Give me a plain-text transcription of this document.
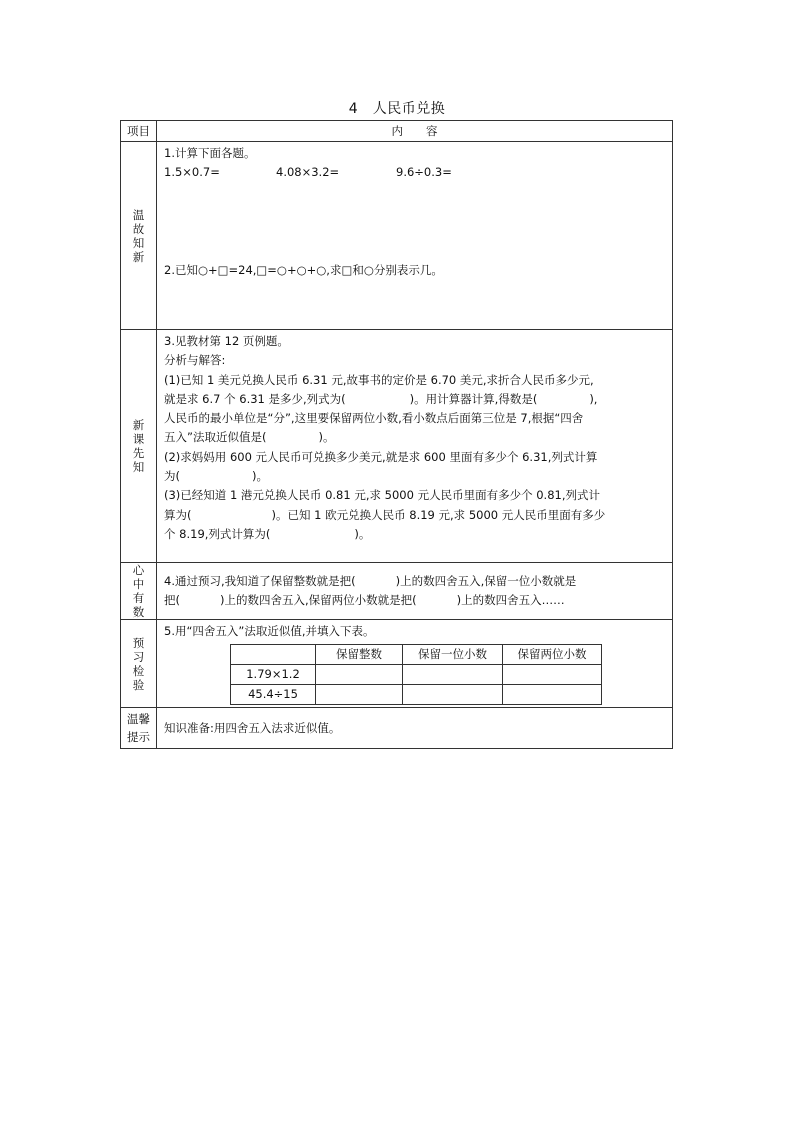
4　人民币兑换
项目	内　　容
温故知新	
1.计算下面各题。
1.5×0.7=	4.08×3.2=	9.6÷0.3=
2.已知○+□=24,□=○+○+○,求□和○分别表示几。

新课先知	
3.见教材第 12 页例题。
分析与解答:
(1)已知 1 美元兑换人民币 6.31 元,故事书的定价是 6.70 美元,求折合人民币多少元,
就是求 6.7 个 6.31 是多少,列式为(	)。用计算器计算,得数是(	),
人民币的最小单位是“分”,这里要保留两位小数,看小数点后面第三位是 7,根据“四舍
五入”法取近似值是(	)。
(2)求妈妈用 600 元人民币可兑换多少美元,就是求 600 里面有多少个 6.31,列式计算
为(	)。
(3)已经知道 1 港元兑换人民币 0.81 元,求 5000 元人民币里面有多少个 0.81,列式计
算为(	)。已知 1 欧元兑换人民币 8.19 元,求 5000 元人民币里面有多少
个 8.19,列式计算为(	)。

心中有数	
4.通过预习,我知道了保留整数就是把(	)上的数四舍五入,保留一位小数就是
把(	)上的数四舍五入,保留两位小数就是把(	)上的数四舍五入……

预习检验	
5.用“四舍五入”法取近似值,并填入下表。
	保留整数	保留一位小数	保留两位小数
1.79×1.2			
45.4÷15			

温馨提示	
知识准备:用四舍五入法求近似值。
